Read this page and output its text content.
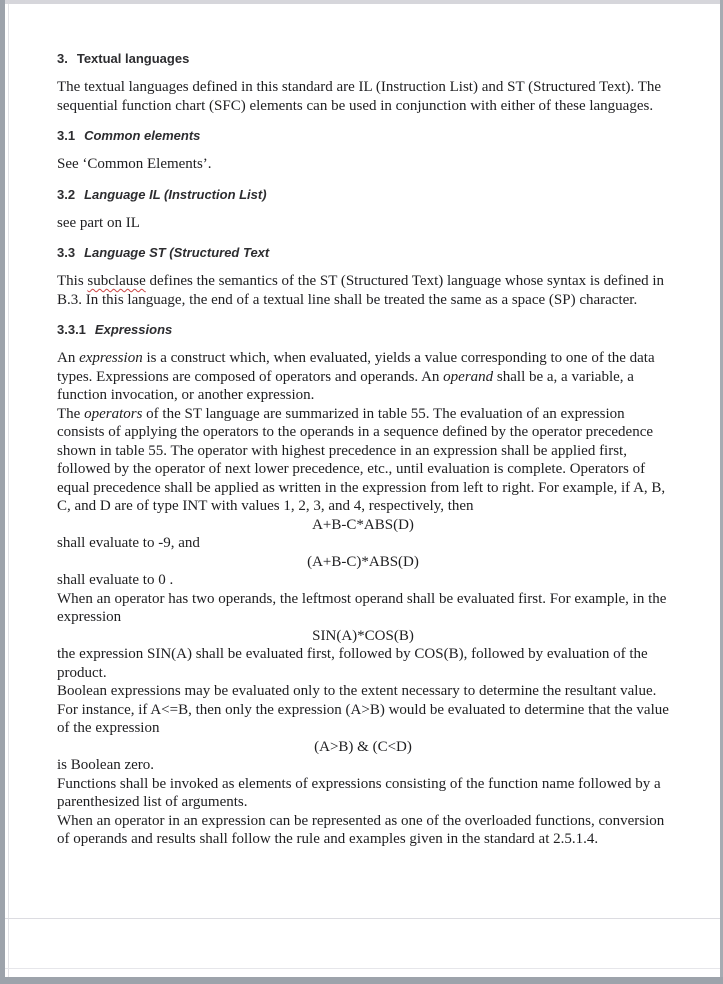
3. Textual languages

The textual languages defined in this standard are IL (Instruction List) and ST (Structured Text). The sequential function chart (SFC) elements can be used in conjunction with either of these languages.

3.1 Common elements

See ‘Common Elements’.

3.2 Language IL (Instruction List)

see part on IL

3.3 Language ST (Structured Text

This subclause defines the semantics of the ST (Structured Text) language whose syntax is defined in B.3. In this language, the end of a textual line shall be treated the same as a space (SP) character.

3.3.1 Expressions

An expression is a construct which, when evaluated, yields a value corresponding to one of the data types. Expressions are composed of operators and operands. An operand shall be a, a variable, a function invocation, or another expression.

The operators of the ST language are summarized in table 55. The evaluation of an expression consists of applying the operators to the operands in a sequence defined by the operator precedence shown in table 55. The operator with highest precedence in an expression shall be applied first, followed by the operator of next lower precedence, etc., until evaluation is complete. Operators of equal precedence shall be applied as written in the expression from left to right. For example, if A, B, C, and D are of type INT with values 1, 2, 3, and 4, respectively, then

A+B-C*ABS(D)

shall evaluate to -9, and

(A+B-C)*ABS(D)

shall evaluate to 0 .

When an operator has two operands, the leftmost operand shall be evaluated first. For example, in the expression

SIN(A)*COS(B)

the expression SIN(A) shall be evaluated first, followed by COS(B), followed by evaluation of the product.

Boolean expressions may be evaluated only to the extent necessary to determine the resultant value. For instance, if A<=B, then only the expression (A>B) would be evaluated to determine that the value of the expression

(A>B) & (C<D)

is Boolean zero.

Functions shall be invoked as elements of expressions consisting of the function name followed by a parenthesized list of arguments.

When an operator in an expression can be represented as one of the overloaded functions, conversion of operands and results shall follow the rule and examples given in the standard at 2.5.1.4.
